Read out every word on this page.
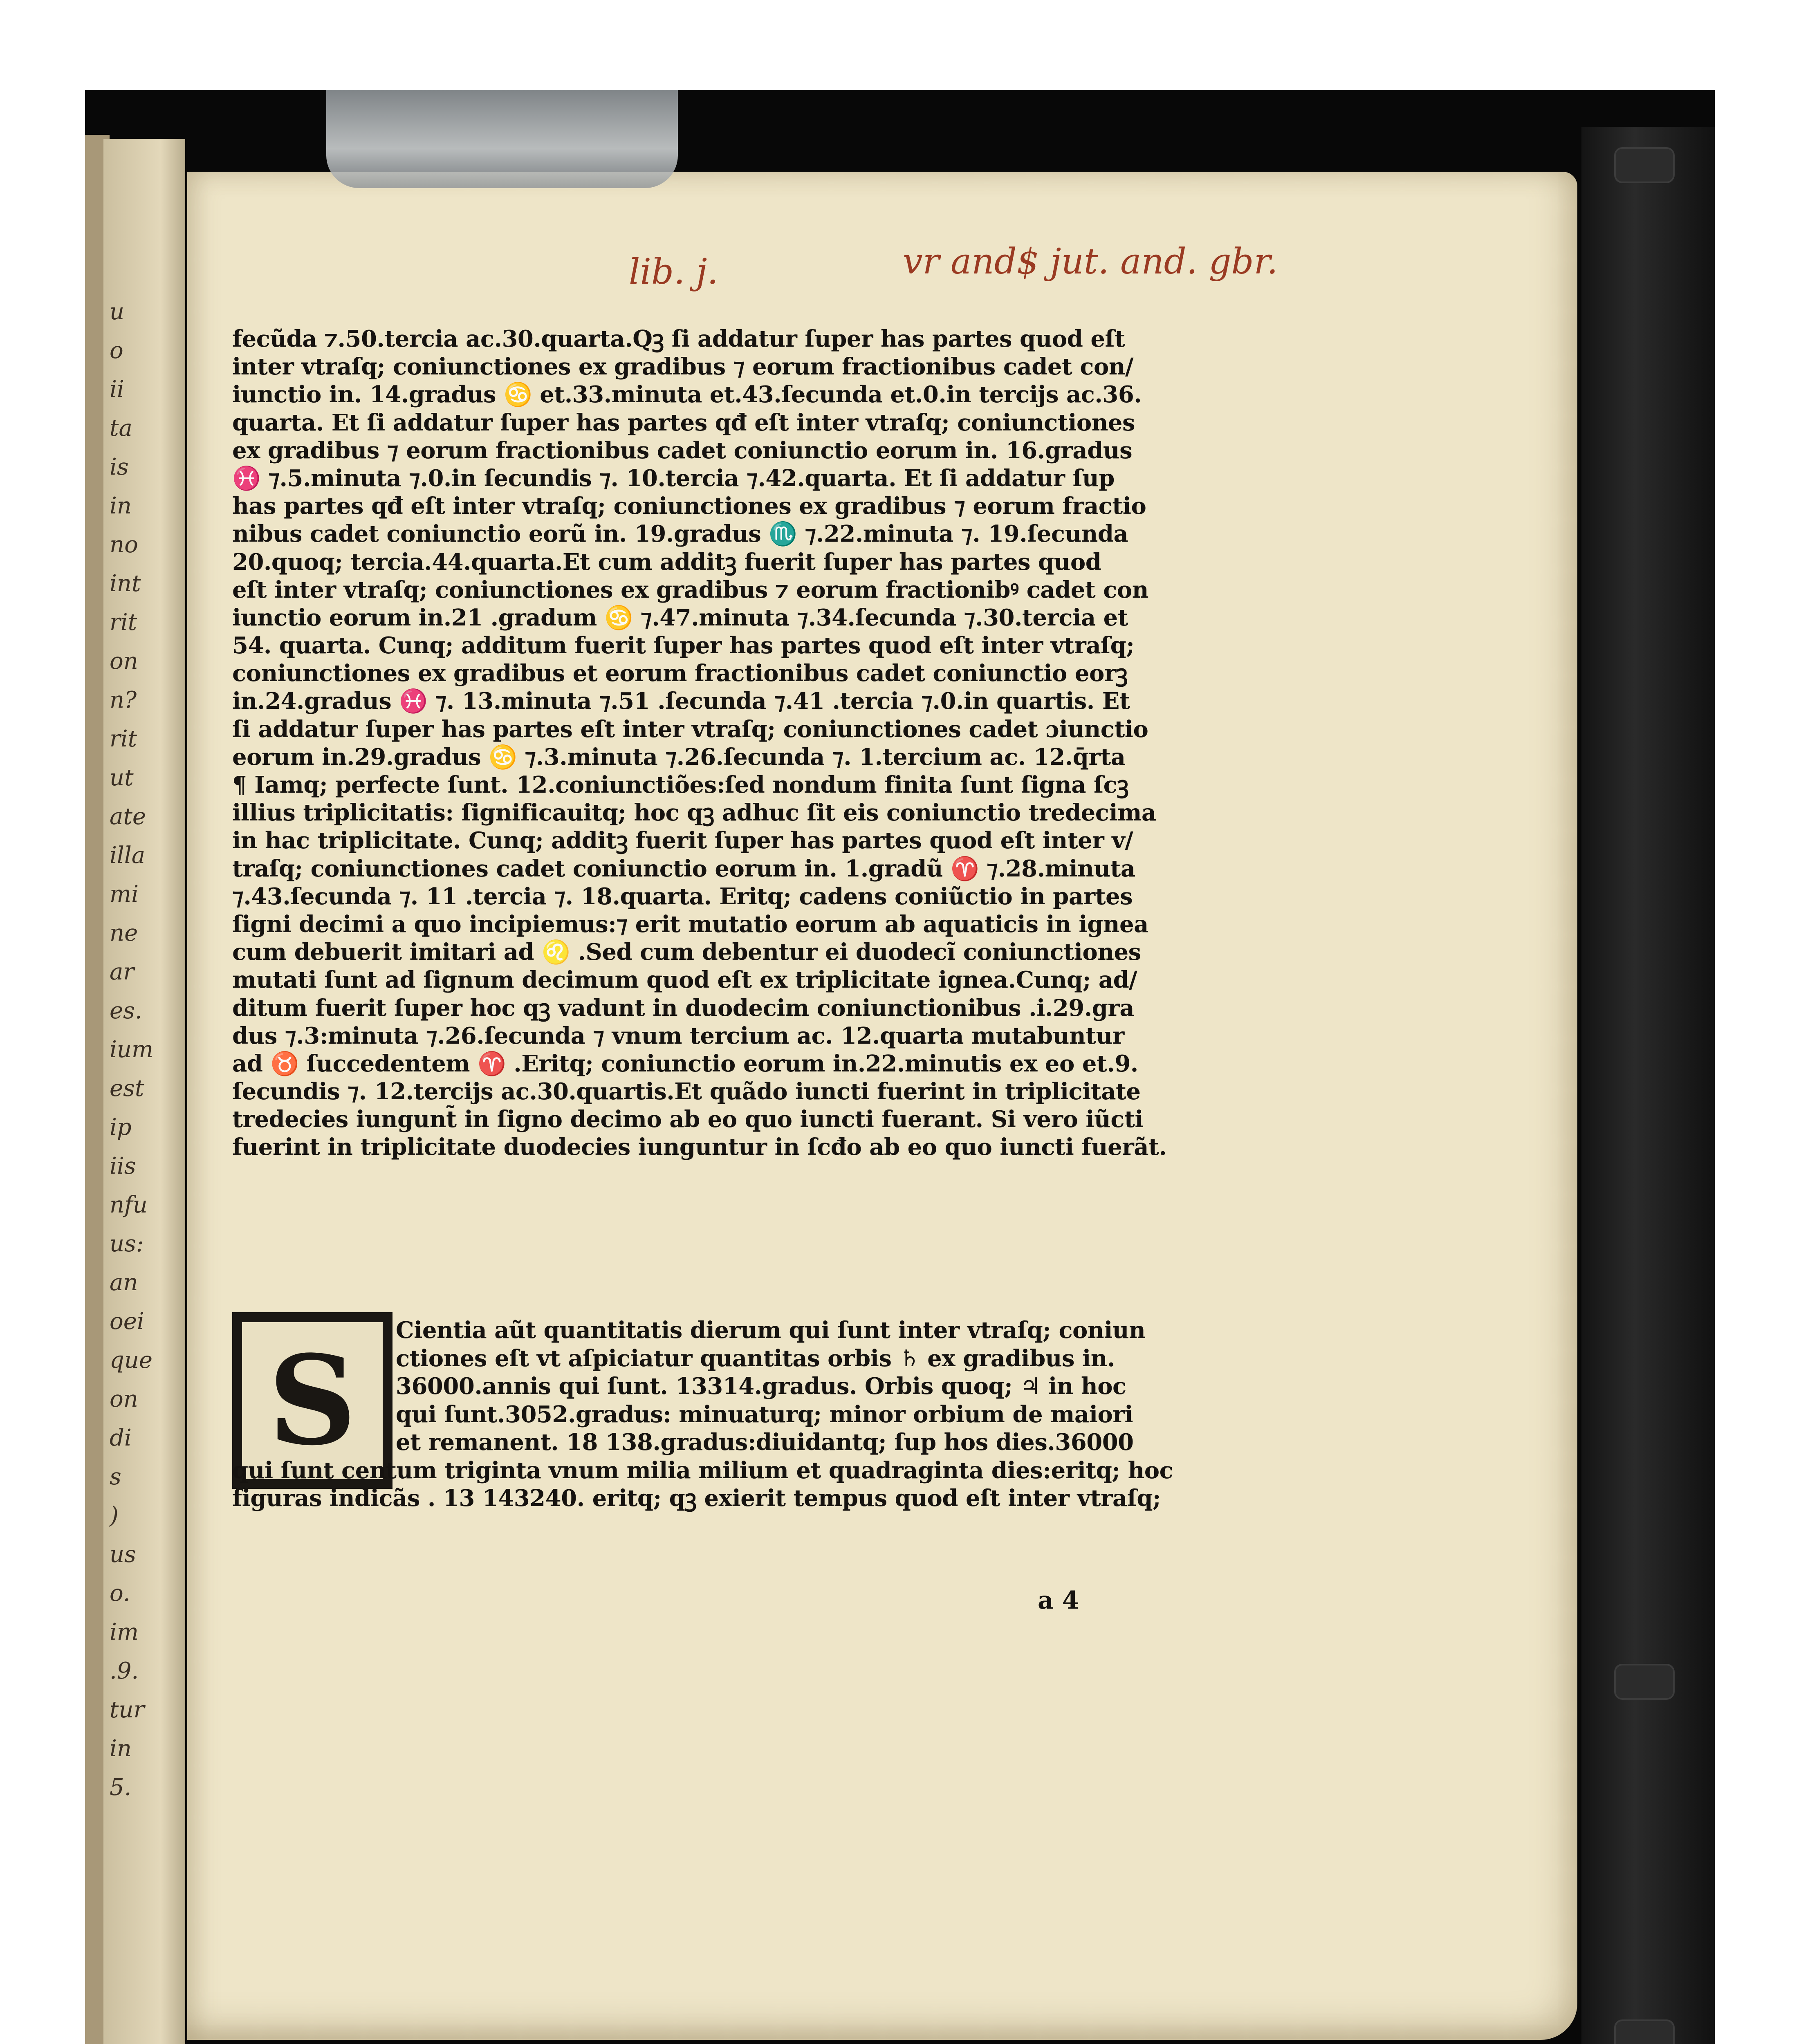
u
o
ii
ta
is
in
no
int
rit
on
n?
rit
ut
ate
illa
mi
ne
ar
es.
ium
est
ip
iis
nfu
us:
an
oei
que
on
di
s
)
us
o.
im
.9.
tur
in
5.
lib. j.	vr and$ jut. and. gbr.
fecũda ⁊.50.tercia ac.30.quarta.Qꝫ ſi addatur ſuper has partes quod eſt
inter vtraſq; coniunctiones ex gradibus ⁊ eorum fractionibus cadet con/
iunctio in. 14.gradus ♋ et.33.minuta et.43.ſecunda et.0.in tercijs ac.36.
quarta. Et ſi addatur ſuper has partes qđ eſt inter vtraſq; coniunctiones
ex gradibus ⁊ eorum fractionibus cadet coniunctio eorum in. 16.gradus
♓ ⁊.5.minuta ⁊.0.in ſecundis ⁊. 10.tercia ⁊.42.quarta. Et ſi addatur ſup
has partes qđ eſt inter vtraſq; coniunctiones ex gradibus ⁊ eorum fractio
nibus cadet coniunctio eorũ in. 19.gradus ♏ ⁊.22.minuta ⁊. 19.ſecunda
20.quoq; tercia.44.quarta.Et cum additꝫ fuerit ſuper has partes quod
eſt inter vtraſq; coniunctiones ex gradibus ⁊ eorum fractionibꝰ cadet con
iunctio eorum in.21 .gradum ♋ ⁊.47.minuta ⁊.34.ſecunda ⁊.30.tercia et
54. quarta. Cunq; additum fuerit ſuper has partes quod eſt inter vtraſq;
coniunctiones ex gradibus et eorum fractionibus cadet coniunctio eorꝫ
in.24.gradus ♓ ⁊. 13.minuta ⁊.51 .ſecunda ⁊.41 .tercia ⁊.0.in quartis. Et
ſi addatur ſuper has partes eſt inter vtraſq; coniunctiones cadet ɔiunctio
eorum in.29.gradus ♋ ⁊.3.minuta ⁊.26.ſecunda ⁊. 1.tercium ac. 12.q̄rta
¶ Iamq; perfecte ſunt. 12.coniunctiões:ſed nondum finita ſunt ſigna ſcꝫ
illius triplicitatis: ſignificauitq; hoc qꝫ adhuc ſit eis coniunctio tredecima
in hac triplicitate. Cunq; additꝫ fuerit ſuper has partes quod eſt inter v/
traſq; coniunctiones cadet coniunctio eorum in. 1.gradũ ♈ ⁊.28.minuta
⁊.43.ſecunda ⁊. 11 .tercia ⁊. 18.quarta. Eritq; cadens coniũctio in partes
ſigni decimi a quo incipiemus:⁊ erit mutatio eorum ab aquaticis in ignea
cum debuerit imitari ad ♌ .Sed cum debentur ei duodecĩ coniunctiones
mutati ſunt ad ſignum decimum quod eſt ex triplicitate ignea.Cunq; ad/
ditum fuerit ſuper hoc qꝫ vadunt in duodecim coniunctionibus .i.29.gra
dus ⁊.3:minuta ⁊.26.ſecunda ⁊ vnum tercium ac. 12.quarta mutabuntur
ad ♉ ſuccedentem ♈ .Eritq; coniunctio eorum in.22.minutis ex eo et.9.
ſecundis ⁊. 12.tercijs ac.30.quartis.Et quãdo iuncti fuerint in triplicitate
tredecies iungunt̃ in ſigno decimo ab eo quo iuncti fuerant. Si vero iũcti
fuerint in triplicitate duodecies iunguntur in ſcđo ab eo quo iuncti fuerãt.
S	Cientia aũt quantitatis dierum qui ſunt inter vtraſq; coniun
ctiones eſt vt aſpiciatur quantitas orbis ♄ ex gradibus in.
36000.annis qui ſunt. 13314.gradus. Orbis quoq; ♃ in hoc
qui ſunt.3052.gradus: minuaturq; minor orbium de maiori
et remanent. 18 138.gradus:diuidantq; ſup hos dies.36000
qui ſunt centum triginta vnum milia milium et quadraginta dies:eritq; hoc
figuras indicãs . 13 143240. eritq; qꝫ exierit tempus quod eſt inter vtraſq;
a 4
